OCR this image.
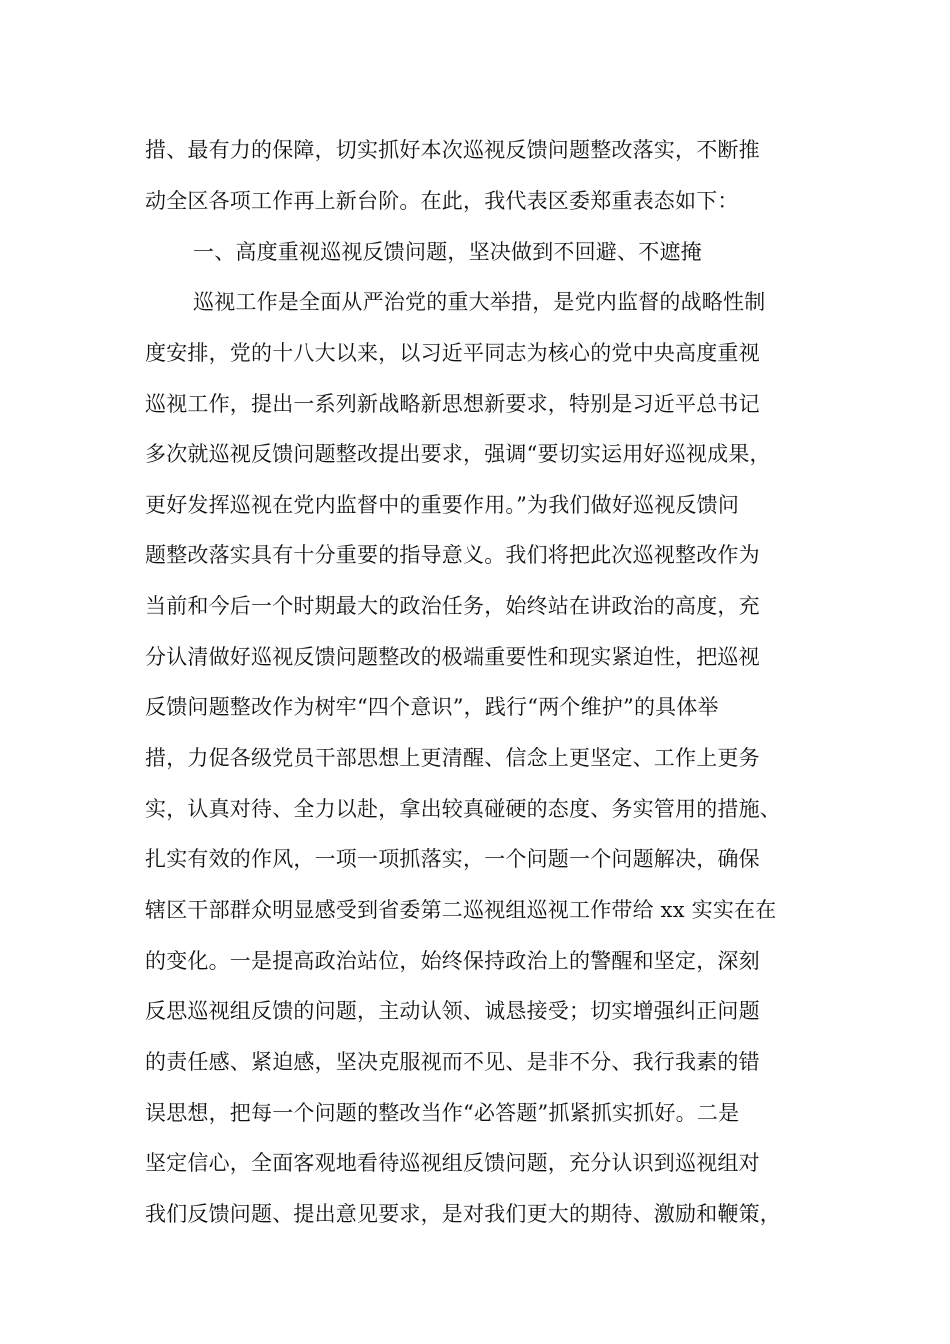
措、最有力的保障，切实抓好本次巡视反馈问题整改落实，不断推
动全区各项工作再上新台阶。在此，我代表区委郑重表态如下：
一、高度重视巡视反馈问题，坚决做到不回避、不遮掩
巡视工作是全面从严治党的重大举措，是党内监督的战略性制
度安排，党的十八大以来，以习近平同志为核心的党中央高度重视
巡视工作，提出一系列新战略新思想新要求，特别是习近平总书记
多次就巡视反馈问题整改提出要求，强调“要切实运用好巡视成果，
更好发挥巡视在党内监督中的重要作用。”为我们做好巡视反馈问
题整改落实具有十分重要的指导意义。我们将把此次巡视整改作为
当前和今后一个时期最大的政治任务，始终站在讲政治的高度，充
分认清做好巡视反馈问题整改的极端重要性和现实紧迫性，把巡视
反馈问题整改作为树牢“四个意识”，践行“两个维护”的具体举
措，力促各级党员干部思想上更清醒、信念上更坚定、工作上更务
实，认真对待、全力以赴，拿出较真碰硬的态度、务实管用的措施、
扎实有效的作风，一项一项抓落实，一个问题一个问题解决，确保
辖区干部群众明显感受到省委第二巡视组巡视工作带给 xx 实实在在
的变化。一是提高政治站位，始终保持政治上的警醒和坚定，深刻
反思巡视组反馈的问题，主动认领、诚恳接受；切实增强纠正问题
的责任感、紧迫感，坚决克服视而不见、是非不分、我行我素的错
误思想，把每一个问题的整改当作“必答题”抓紧抓实抓好。二是
坚定信心，全面客观地看待巡视组反馈问题，充分认识到巡视组对
我们反馈问题、提出意见要求，是对我们更大的期待、激励和鞭策，
